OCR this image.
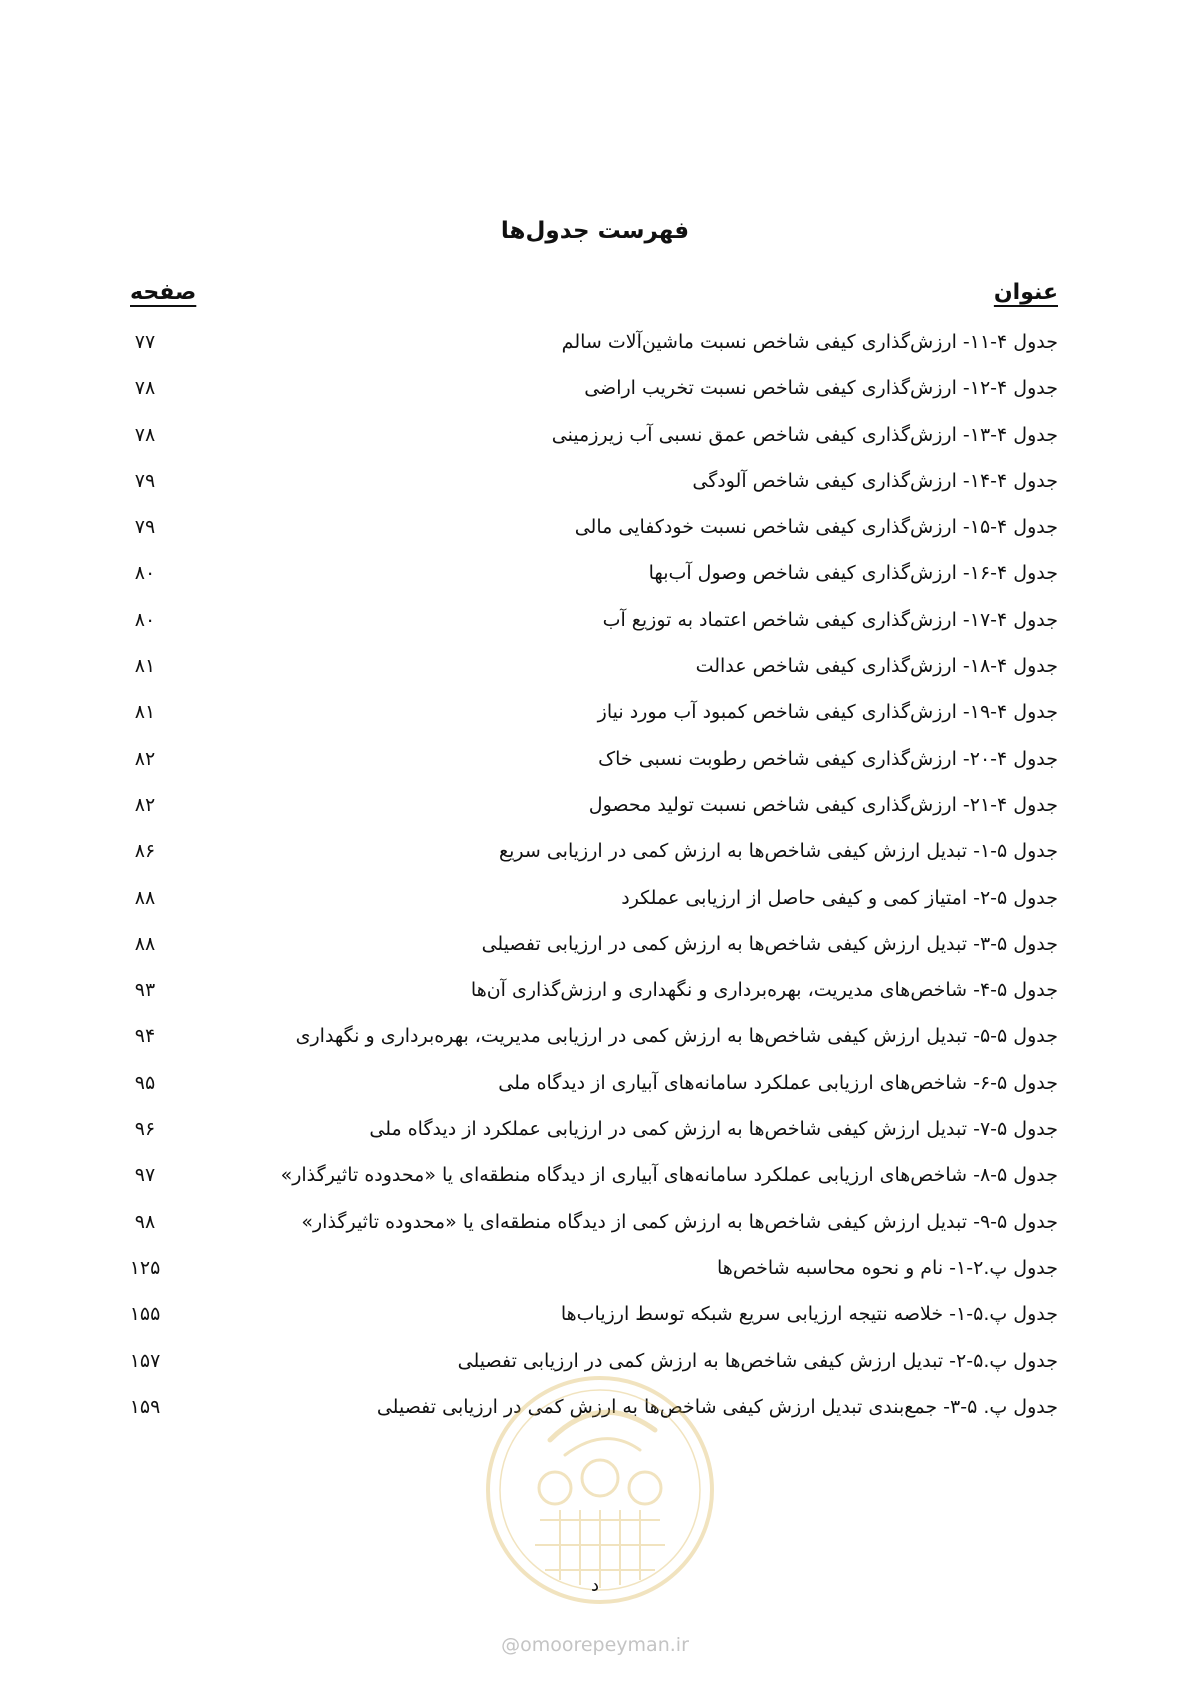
فهرست جدول‌ها
عنوان
صفحه
جدول ۴-۱۱- ارزش‌گذاری کیفی شاخص نسبت ماشین‌آلات سالم
۷۷
جدول ۴-۱۲- ارزش‌گذاری کیفی شاخص نسبت تخریب اراضی
۷۸
جدول ۴-۱۳- ارزش‌گذاری کیفی شاخص عمق نسبی آب زیرزمینی
۷۸
جدول ۴-۱۴- ارزش‌گذاری کیفی شاخص آلودگی
۷۹
جدول ۴-۱۵- ارزش‌گذاری کیفی شاخص نسبت خودکفایی مالی
۷۹
جدول ۴-۱۶- ارزش‌گذاری کیفی شاخص وصول آب‌بها
۸۰
جدول ۴-۱۷- ارزش‌گذاری کیفی شاخص اعتماد به توزیع آب
۸۰
جدول ۴-۱۸- ارزش‌گذاری کیفی شاخص عدالت
۸۱
جدول ۴-۱۹- ارزش‌گذاری کیفی شاخص کمبود آب مورد نیاز
۸۱
جدول ۴-۲۰- ارزش‌گذاری کیفی شاخص رطوبت نسبی خاک
۸۲
جدول ۴-۲۱- ارزش‌گذاری کیفی شاخص نسبت تولید محصول
۸۲
جدول ۵-۱- تبدیل ارزش کیفی شاخص‌ها به ارزش کمی در ارزیابی سریع
۸۶
جدول ۵-۲- امتیاز کمی و کیفی حاصل از ارزیابی عملکرد
۸۸
جدول ۵-۳- تبدیل ارزش کیفی شاخص‌ها به ارزش کمی در ارزیابی تفصیلی
۸۸
جدول ۵-۴- شاخص‌های مدیریت، بهره‌برداری و نگهداری و ارزش‌گذاری آن‌ها
۹۳
جدول ۵-۵- تبدیل ارزش کیفی شاخص‌ها به ارزش کمی در ارزیابی مدیریت، بهره‌برداری و نگهداری
۹۴
جدول ۵-۶- شاخص‌های ارزیابی عملکرد سامانه‌های آبیاری از دیدگاه ملی
۹۵
جدول ۵-۷- تبدیل ارزش کیفی شاخص‌ها به ارزش کمی در ارزیابی عملکرد از دیدگاه ملی
۹۶
جدول ۵-۸- شاخص‌های ارزیابی عملکرد سامانه‌های آبیاری از دیدگاه منطقه‌ای یا «محدوده تاثیرگذار»
۹۷
جدول ۵-۹- تبدیل ارزش کیفی شاخص‌ها به ارزش کمی از دیدگاه منطقه‌ای یا «محدوده تاثیرگذار»
۹۸
جدول پ.۲-۱- نام و نحوه محاسبه شاخص‌ها
۱۲۵
جدول پ.۵-۱- خلاصه نتیجه ارزیابی سریع شبکه توسط ارزیاب‌ها
۱۵۵
جدول پ.۵-۲- تبدیل ارزش کیفی شاخص‌ها به ارزش کمی در ارزیابی تفصیلی
۱۵۷
جدول پ. ۵-۳- جمع‌بندی تبدیل ارزش کیفی شاخص‌ها به ارزش کمی در ارزیابی تفصیلی
۱۵۹
د
@omoorepeyman.ir
